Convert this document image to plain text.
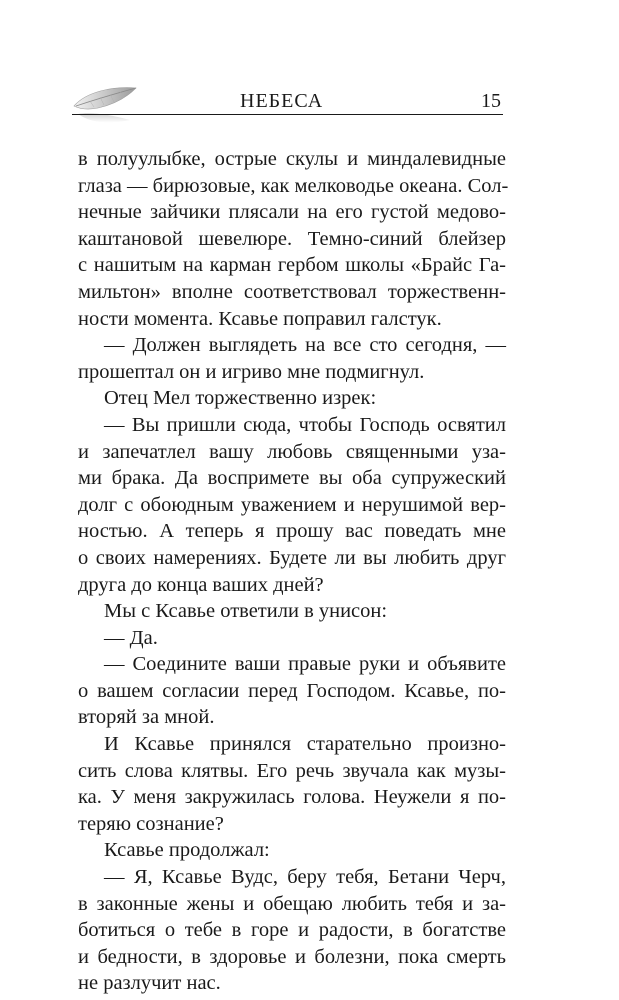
НЕБЕСА	15
в полуулыбке, острые скулы и миндалевидные
глаза — бирюзовые, как мелководье океана. Сол-
нечные зайчики плясали на его густой медово-
каштановой шевелюре. Темно-синий блейзер
с нашитым на карман гербом школы «Брайс Га-
мильтон» вполне соответствовал торжественн-
ности момента. Ксавье поправил галстук.
— Должен выглядеть на все сто сегодня, —
прошептал он и игриво мне подмигнул.
Отец Мел торжественно изрек:
— Вы пришли сюда, чтобы Господь освятил
и запечатлел вашу любовь священными уза-
ми брака. Да воспримете вы оба супружеский
долг с обоюдным уважением и нерушимой вер-
ностью. А теперь я прошу вас поведать мне
о своих намерениях. Будете ли вы любить друг
друга до конца ваших дней?
Мы с Ксавье ответили в унисон:
— Да.
— Соедините ваши правые руки и объявите
о вашем согласии перед Господом. Ксавье, по-
вторяй за мной.
И Ксавье принялся старательно произно-
сить слова клятвы. Его речь звучала как музы-
ка. У меня закружилась голова. Неужели я по-
теряю сознание?
Ксавье продолжал:
— Я, Ксавье Вудс, беру тебя, Бетани Черч,
в законные жены и обещаю любить тебя и за-
ботиться о тебе в горе и радости, в богатстве
и бедности, в здоровье и болезни, пока смерть
не разлучит нас.
